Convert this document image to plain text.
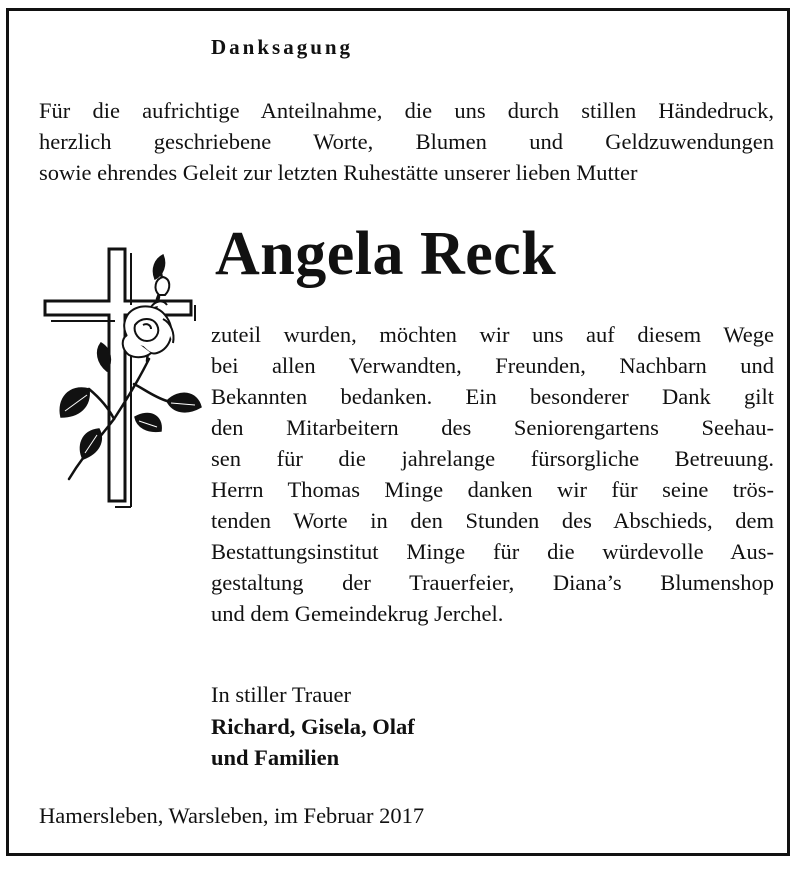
Danksagung
Für die aufrichtige Anteilnahme, die uns durch stillen Händedruck,
herzlich geschriebene Worte, Blumen und Geldzuwendungen
sowie ehrendes Geleit zur letzten Ruhestätte unserer lieben Mutter
Angela Reck
zuteil wurden, möchten wir uns auf diesem Wege
bei allen Verwandten, Freunden, Nachbarn und
Bekannten bedanken. Ein besonderer Dank gilt
den Mitarbeitern des Seniorengartens Seehau-
sen für die jahrelange fürsorgliche Betreuung.
Herrn Thomas Minge danken wir für seine trös-
tenden Worte in den Stunden des Abschieds, dem
Bestattungsinstitut Minge für die würdevolle Aus-
gestaltung der Trauerfeier, Diana’s Blumenshop
und dem Gemeindekrug Jerchel.
In stiller Trauer
Richard, Gisela, Olaf
und Familien
Hamersleben, Warsleben, im Februar 2017
